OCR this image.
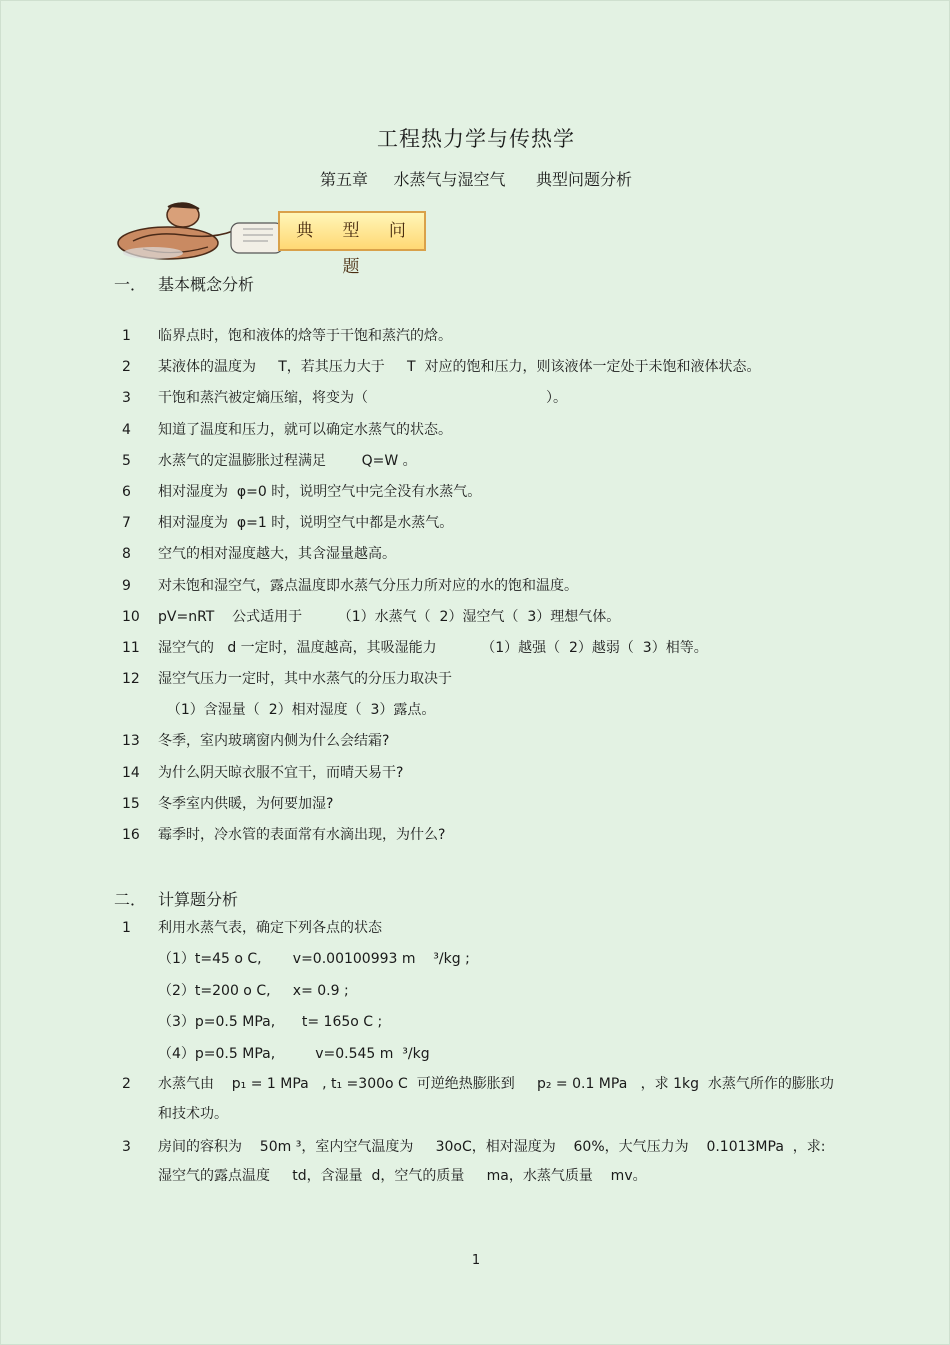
工程热力学与传热学
第五章     水蒸气与湿空气      典型问题分析
典 型 问 题
一． 基本概念分析
1 临界点时，饱和液体的焓等于干饱和蒸汽的焓。
2 某液体的温度为     T，若其压力大于     T  对应的饱和压力，则该液体一定处于未饱和液体状态。
3 干饱和蒸汽被定熵压缩，将变为（                                        ）。
4 知道了温度和压力，就可以确定水蒸气的状态。
5 水蒸气的定温膨胀过程满足        Q=W 。
6 相对湿度为  φ=0 时，说明空气中完全没有水蒸气。
7 相对湿度为  φ=1 时，说明空气中都是水蒸气。
8 空气的相对湿度越大，其含湿量越高。
9 对未饱和湿空气，露点温度即水蒸气分压力所对应的水的饱和温度。
10 pV=nRT    公式适用于        （1）水蒸气（  2）湿空气（  3）理想气体。
11 湿空气的   d 一定时，温度越高，其吸湿能力          （1）越强（  2）越弱（  3）相等。
12 湿空气压力一定时，其中水蒸气的分压力取决于
（1）含湿量（  2）相对湿度（  3）露点。
13 冬季，室内玻璃窗内侧为什么会结霜?
14 为什么阴天晾衣服不宜干，而晴天易干?
15 冬季室内供暖，为何要加湿?
16 霉季时，冷水管的表面常有水滴出现，为什么?
二． 计算题分析
1 利用水蒸气表，确定下列各点的状态
（1）t=45 o C,       v=0.00100993 m    ³/kg ;
（2）t=200 o C,     x= 0.9 ;
（3）p=0.5 MPa,      t= 165o C ;
（4）p=0.5 MPa,         v=0.545 m  ³/kg
2 水蒸气由    p₁ = 1 MPa   , t₁ =300o C  可逆绝热膨胀到     p₂ = 0.1 MPa   ，求 1kg  水蒸气所作的膨胀功
和技术功。
3 房间的容积为    50m ³，室内空气温度为     30oC，相对湿度为    60%，大气压力为    0.1013MPa  ，求:
湿空气的露点温度     td，含湿量  d，空气的质量     ma，水蒸气质量    mv。
1
